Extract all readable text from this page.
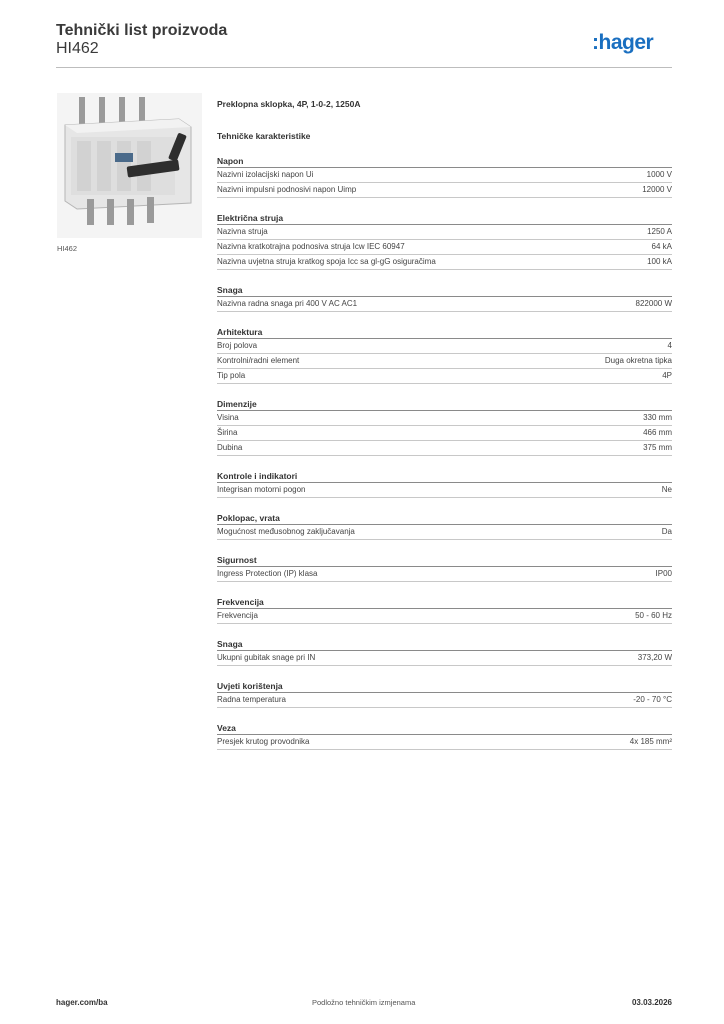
Tehnički list proizvoda
HI462	:hager
HI462
Preklopna sklopka, 4P, 1-0-2, 1250A
Tehničke karakteristike
Napon
Nazivni izolacijski napon Ui	1000 V
Nazivni impulsni podnosivi napon Uimp	12000 V
Električna struja
Nazivna struja	1250 A
Nazivna kratkotrajna podnosiva struja Icw IEC 60947	64 kA
Nazivna uvjetna struja kratkog spoja Icc sa gl-gG osiguračima	100 kA
Snaga
Nazivna radna snaga pri 400 V AC AC1	822000 W
Arhitektura
Broj polova	4
Kontrolni/radni element	Duga okretna tipka
Tip pola	4P
Dimenzije
Visina	330 mm
Širina	466 mm
Dubina	375 mm
Kontrole i indikatori
Integrisan motorni pogon	Ne
Poklopac, vrata
Mogućnost međusobnog zaključavanja	Da
Sigurnost
Ingress Protection (IP) klasa	IP00
Frekvencija
Frekvencija	50 - 60 Hz
Snaga
Ukupni gubitak snage pri IN	373,20 W
Uvjeti korištenja
Radna temperatura	-20 - 70 °C
Veza
Presjek krutog provodnika	4x 185 mm²
hager.com/ba	Podložno tehničkim izmjenama	03.03.2026
